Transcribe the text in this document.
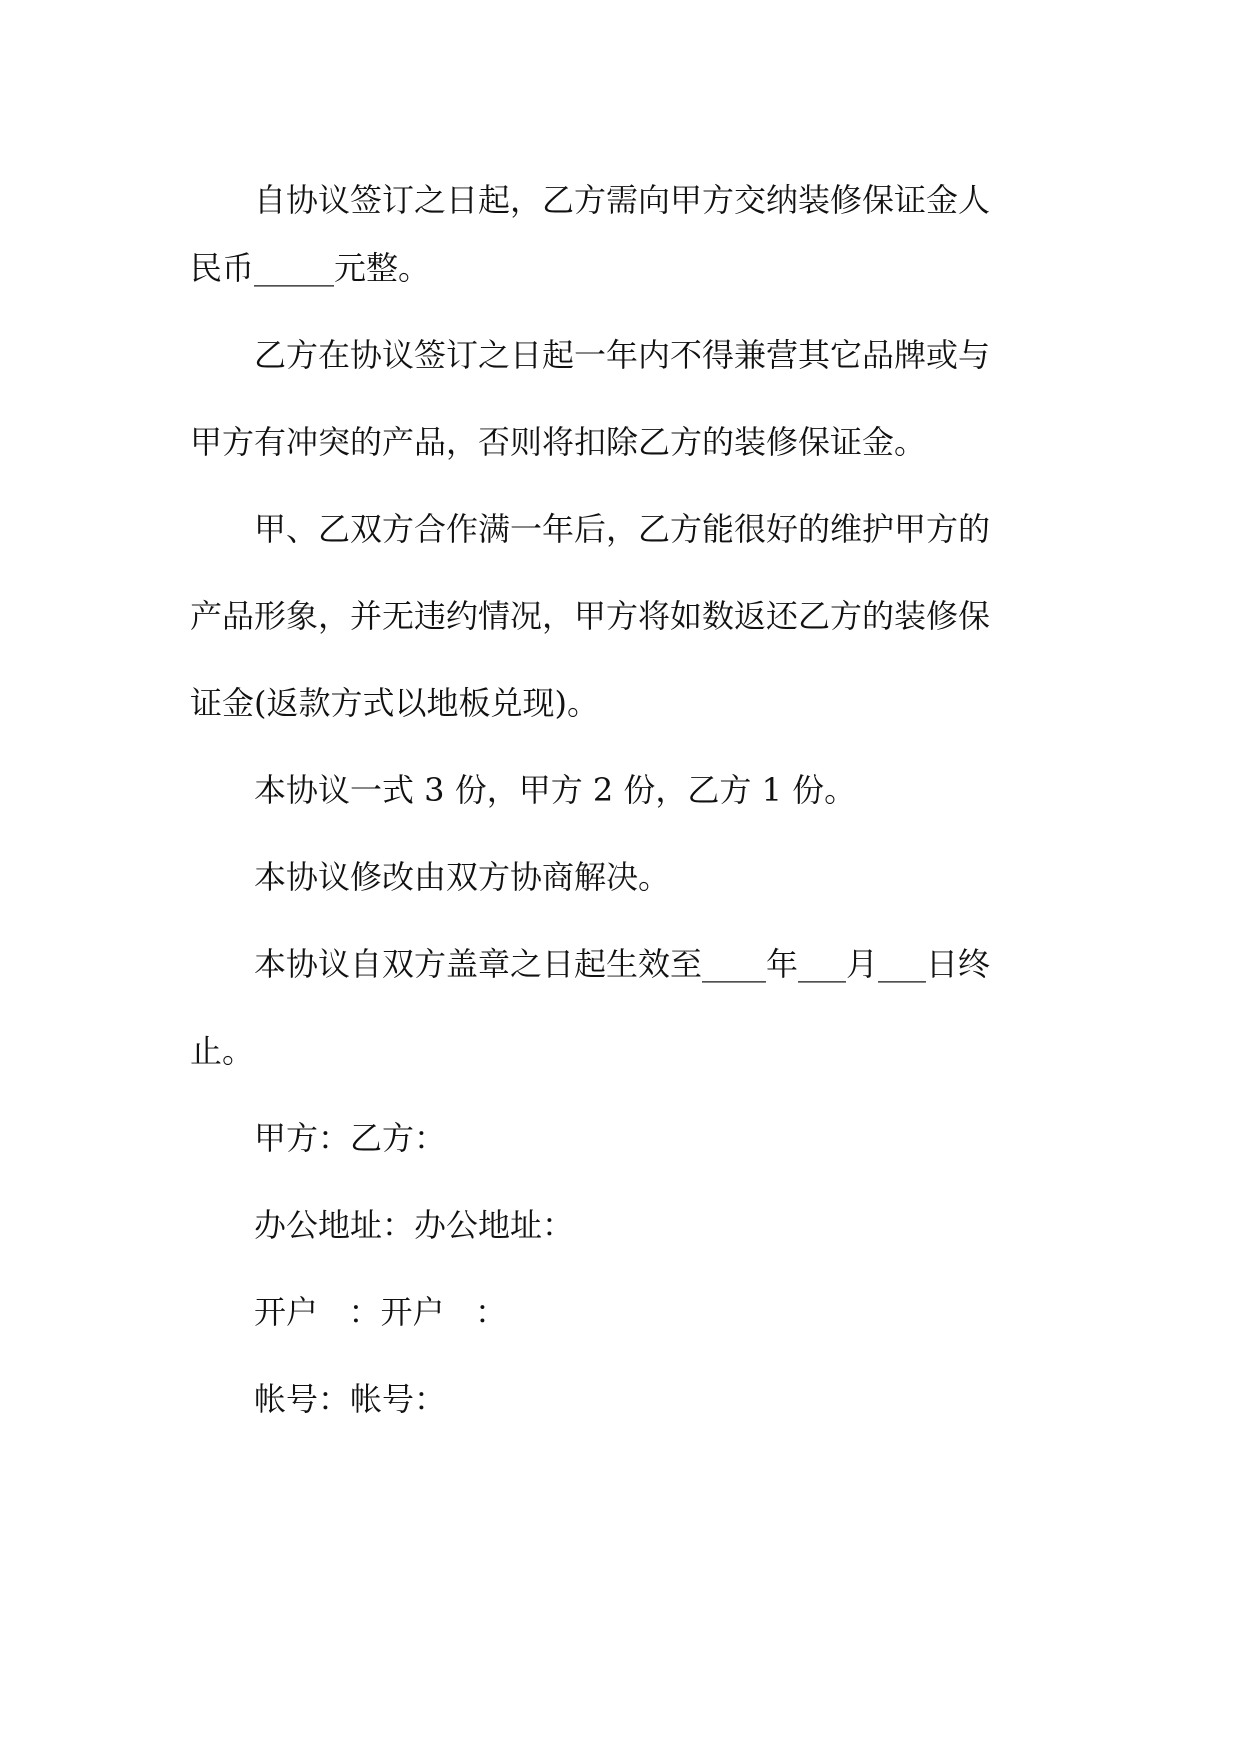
自协议签订之日起，乙方需向甲方交纳装修保证金人
民币_____元整。
乙方在协议签订之日起一年内不得兼营其它品牌或与
甲方有冲突的产品，否则将扣除乙方的装修保证金。
甲、乙双方合作满一年后，乙方能很好的维护甲方的
产品形象，并无违约情况，甲方将如数返还乙方的装修保
证金(返款方式以地板兑现)。
本协议一式 3 份，甲方 2 份，乙方 1 份。
本协议修改由双方协商解决。
本协议自双方盖章之日起生效至____年___月___日终
止。
甲方：乙方：
办公地址：办公地址：
开户   ：开户   ：
帐号：帐号：
